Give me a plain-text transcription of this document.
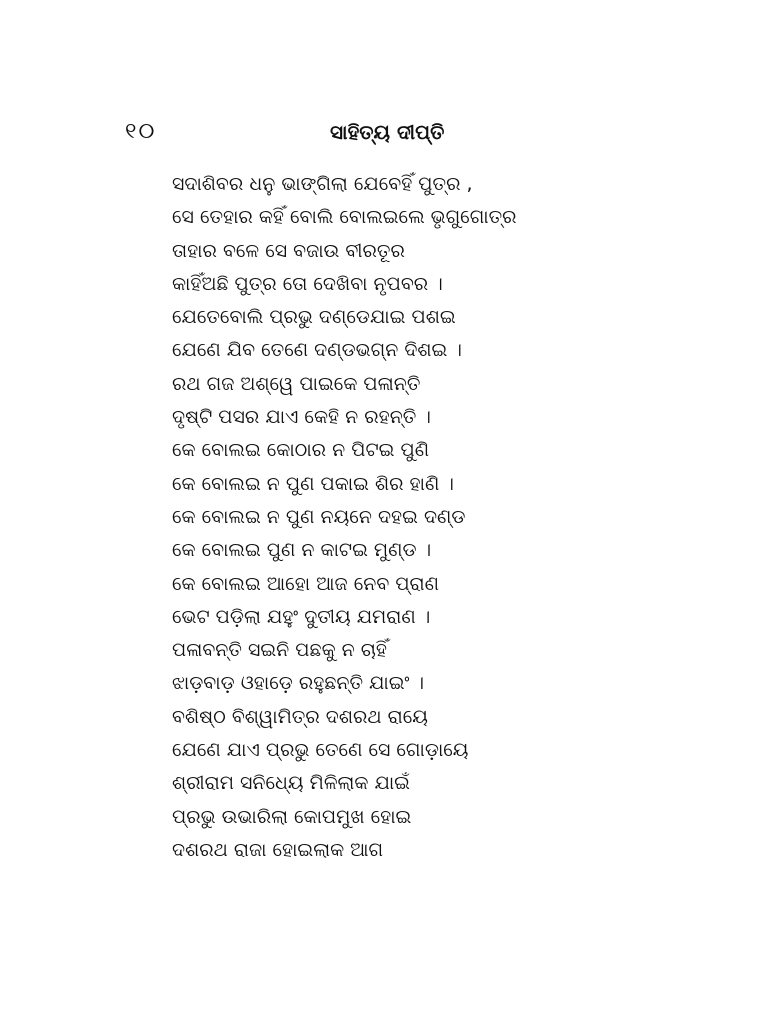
୧୦	ସାହିତ୍ୟ ଦୀପ୍ତି
ସଦାଶିବର ଧନୁ ଭାଙ୍ଗିଲା ଯେବେହିଁ ପୁତ୍ର ,
ସେ ତେହାର କହିଁ ବୋଲି ବୋଲଇଲେ ଭୃଗୁଗୋତ୍ର
ତାହାର ବଳେ ସେ ବଜାଉ ବୀରତୂର
କାହିଁଅଛି ପୁତ୍ର ତୋ ଦେଖିବା ନୃପବର ।
ଯେତେବୋଲି ପ୍ରଭୁ ଦଣ୍ଡେଯାଇ ପଶଇ
ଯେଣେ ଯିବ ତେଣେ ଦଣ୍ଡଭଗ୍ନ ଦିଶଇ ।
ରଥ ଗଜ ଅଶ୍ୱେ ପାଇକେ ପଳାନ୍ତି
ଦୃଷ୍ଟି ପସର ଯାଏ କେହି ନ ରହନ୍ତି ।
କେ ବୋଲଇ କୋଠାର ନ ପିଟଇ ପୁଣି
କେ ବୋଲଇ ନ ପୁଣ ପକାଇ ଶିର ହାଣି ।
କେ ବୋଲଇ ନ ପୁଣ ନୟନେ ଦହଇ ଦଣ୍ଡ
କେ ବୋଲଇ ପୁଣ ନ କାଟଇ ମୁଣ୍ଡ ।
କେ ବୋଲଇ ଆହୋ ଆଜ ନେବ ପ୍ରାଣ
ଭେଟ ପଡ଼ିଲା ଯହୁଂ ଦୁତୀୟ ଯମରାଣ ।
ପଳାବନ୍ତି ସଇନି ପଛକୁ ନ ଚାହିଁ
ଝାଡ଼ବାଡ଼ ଓହାଡ଼େ ରହୁଛନ୍ତି ଯାଇଂ ।
ବଶିଷ୍ଠ ବିଶ୍ୱାମିତ୍ର ଦଶରଥ ରାୟେ
ଯେଣେ ଯାଏ ପ୍ରଭୁ ତେଣେ ସେ ଗୋଡ଼ାୟେ
ଶ୍ରୀରାମ ସନିଧ୍ୟେ ମିଳିଲାକ ଯାଇଁ
ପ୍ରଭୁ ଉଭାରିଲା କୋପମୁଖ ହୋଇ
ଦଶରଥ ରାଜା ହୋଇଲାକ ଆଗ
